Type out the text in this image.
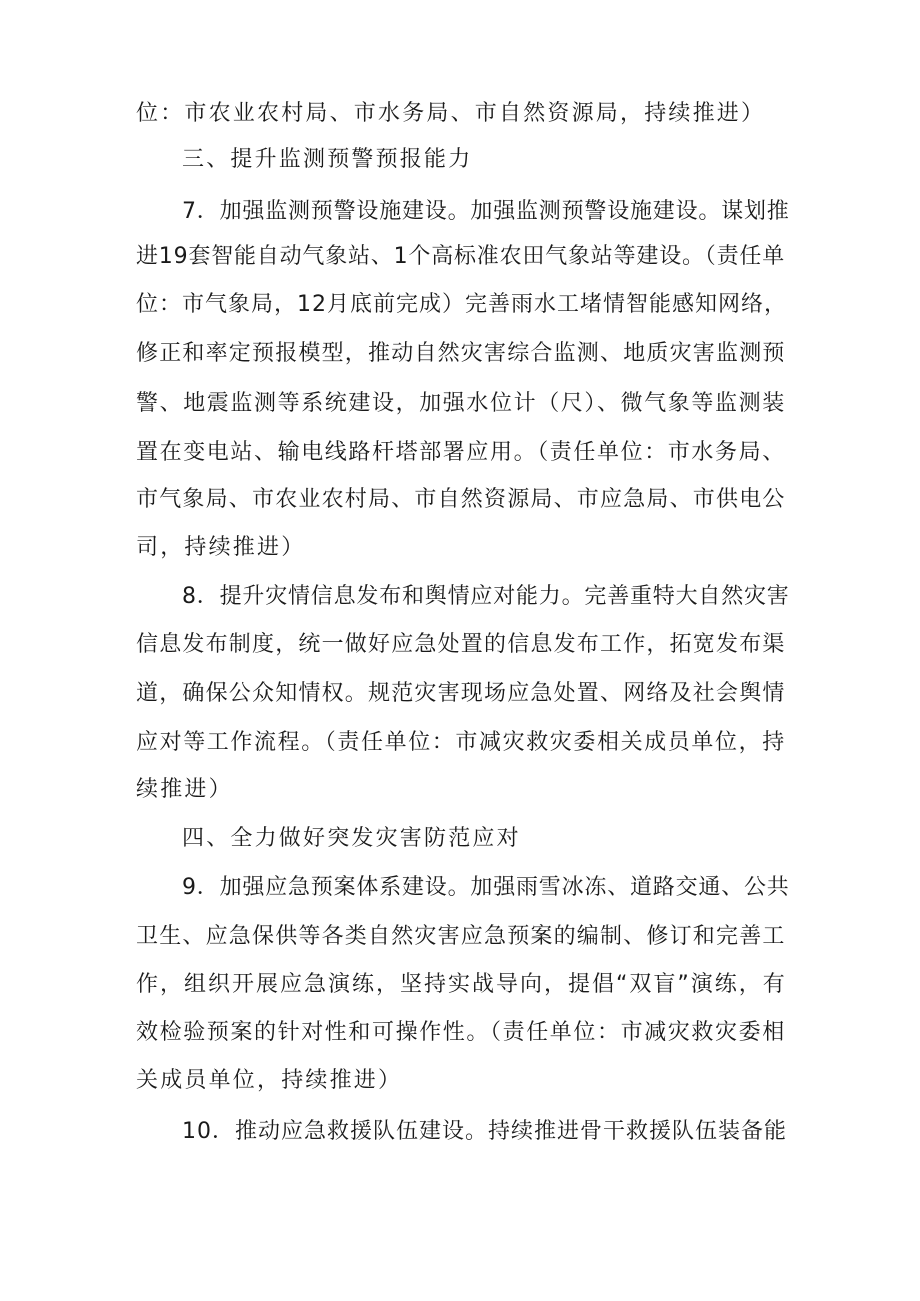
位：市农业农村局、市水务局、市自然资源局，持续推进）
三、提升监测预警预报能力
7．加强监测预警设施建设。加强监测预警设施建设。谋划推
进19套智能自动气象站、1个高标准农田气象站等建设。（责任单
位：市气象局，12月底前完成）完善雨水工堵情智能感知网络，
修正和率定预报模型，推动自然灾害综合监测、地质灾害监测预
警、地震监测等系统建设，加强水位计（尺）、微气象等监测装
置在变电站、输电线路杆塔部署应用。（责任单位：市水务局、
市气象局、市农业农村局、市自然资源局、市应急局、市供电公
司，持续推进）
8．提升灾情信息发布和舆情应对能力。完善重特大自然灾害
信息发布制度，统一做好应急处置的信息发布工作，拓宽发布渠
道，确保公众知情权。规范灾害现场应急处置、网络及社会舆情
应对等工作流程。（责任单位：市减灾救灾委相关成员单位，持
续推进）
四、全力做好突发灾害防范应对
9．加强应急预案体系建设。加强雨雪冰冻、道路交通、公共
卫生、应急保供等各类自然灾害应急预案的编制、修订和完善工
作，组织开展应急演练，坚持实战导向，提倡“双盲”演练，有
效检验预案的针对性和可操作性。（责任单位：市减灾救灾委相
关成员单位，持续推进）
10．推动应急救援队伍建设。持续推进骨干救援队伍装备能
